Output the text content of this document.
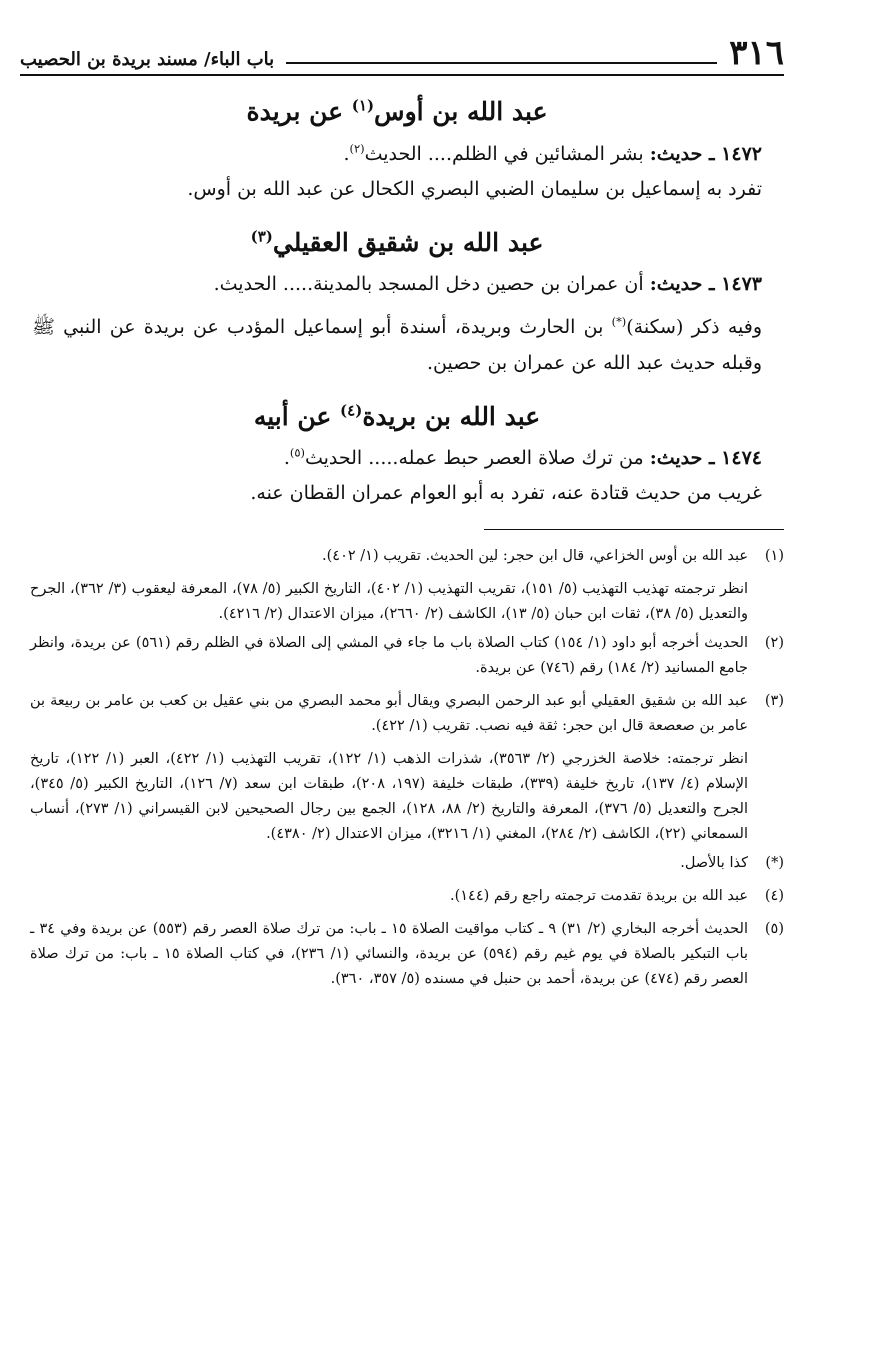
٣١٦
باب الباء/ مسند بريدة بن الحصيب
عبد الله بن أوس$^{(١)}$ عن بريدة

١٤٧٢ ـ حديث: بشر المشائين في الظلم.... الحديث$^{(٢)}$.

تفرد به إسماعيل بن سليمان الضبي البصري الكحال عن عبد الله بن أوس.

عبد الله بن شقيق العقيلي$^{(٣)}$

١٤٧٣ ـ حديث: أن عمران بن حصين دخل المسجد بالمدينة..... الحديث.

وفيه ذكر (سكنة)(*) بن الحارث وبريدة، أسندة أبو إسماعيل المؤدب عن بريدة عن النبي ﷺ وقبله حديث عبد الله عن عمران بن حصين.

عبد الله بن بريدة$^{(٤)}$ عن أبيه

١٤٧٤ ـ حديث: من ترك صلاة العصر حبط عمله..... الحديث$^{(٥)}$.

غريب من حديث قتادة عنه، تفرد به أبو العوام عمران القطان عنه.

(١)

عبد الله بن أوس الخزاعي، قال ابن حجر: لين الحديث. تقريب (١/ ٤٠٢).

انظر ترجمته تهذيب التهذيب (٥/ ١٥١)، تقريب التهذيب (١/ ٤٠٢)، التاريخ الكبير (٥/ ٧٨)، المعرفة ليعقوب (٣/ ٣٦٢)، الجرح والتعديل (٥/ ٣٨)، ثقات ابن حبان (٥/ ١٣)، الكاشف (٢/ ٢٦٦٠)، ميزان الاعتدال (٢/ ٤٢١٦).

(٢)

الحديث أخرجه أبو داود (١/ ١٥٤) كتاب الصلاة باب ما جاء في المشي إلى الصلاة في الظلم رقم (٥٦١) عن بريدة، وانظر جامع المسانيد (٢/ ١٨٤) رقم (٧٤٦) عن بريدة.

(٣)

عبد الله بن شقيق العقيلي أبو عبد الرحمن البصري ويقال أبو محمد البصري من بني عقيل بن كعب بن عامر بن ربيعة بن عامر بن صعصعة قال ابن حجر: ثقة فيه نصب. تقريب (١/ ٤٢٢).

انظر ترجمته: خلاصة الخزرجي (٢/ ٣٥٦٣)، شذرات الذهب (١/ ١٢٢)، تقريب التهذيب (١/ ٤٢٢)، العبر (١/ ١٢٢)، تاريخ الإسلام (٤/ ١٣٧)، تاريخ خليفة (٣٣٩)، طبقات خليفة (١٩٧، ٢٠٨)، طبقات ابن سعد (٧/ ١٢٦)، التاريخ الكبير (٥/ ٣٤٥)، الجرح والتعديل (٥/ ٣٧٦)، المعرفة والتاريخ (٢/ ٨٨، ١٢٨)، الجمع بين رجال الصحيحين لابن القيسراني (١/ ٢٧٣)، أنساب السمعاني (٢٢)، الكاشف (٢/ ٢٨٤)، المغني (١/ ٣٢١٦)، ميزان الاعتدال (٢/ ٤٣٨٠).

(*)

كذا بالأصل.

(٤)

عبد الله بن بريدة تقدمت ترجمته راجع رقم (١٤٤).

(٥)

الحديث أخرجه البخاري (٢/ ٣١) ٩ ـ كتاب مواقيت الصلاة ١٥ ـ باب: من ترك صلاة العصر رقم (٥٥٣) عن بريدة وفي ٣٤ ـ باب التبكير بالصلاة في يوم غيم رقم (٥٩٤) عن بريدة، والنسائي (١/ ٢٣٦)، في كتاب الصلاة ١٥ ـ باب: من ترك صلاة العصر رقم (٤٧٤) عن بريدة، أحمد بن حنبل في مسنده (٥/ ٣٥٧، ٣٦٠).
